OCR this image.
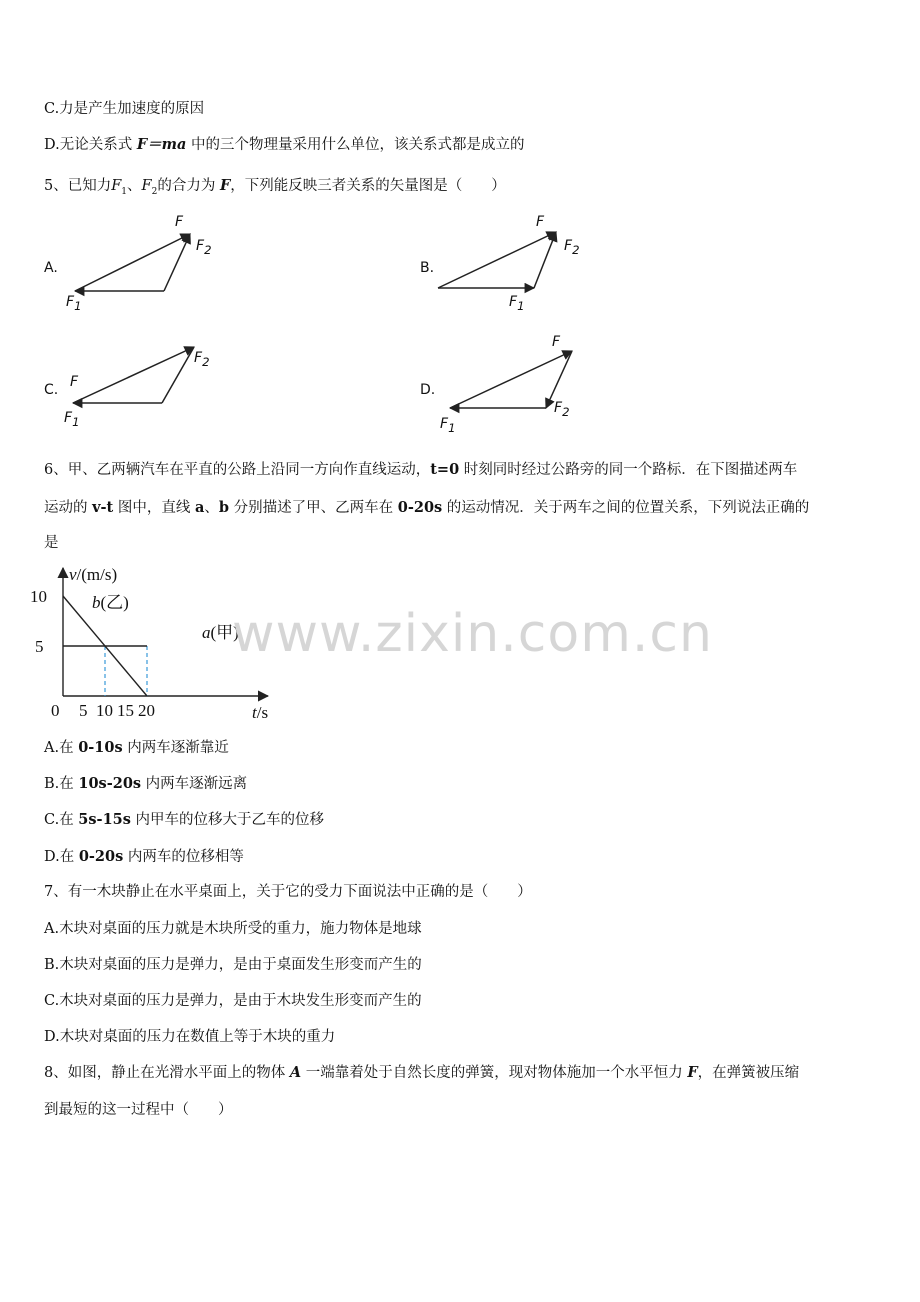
C.力是产生加速度的原因
D.无论关系式 F＝ma 中的三个物理量采用什么单位，该关系式都是成立的
5、已知力$F_1$、$F_2$的合力为 F，下列能反映三者关系的矢量图是（　　）
A.
F
$F_2$
$F_1$
B.
F
$F_2$
$F_1$
C. F
$F_2$
$F_1$
D.
F
$F_2$
$F_1$
6、甲、乙两辆汽车在平直的公路上沿同一方向作直线运动，t=0 时刻同时经过公路旁的同一个路标．在下图描述两车
运动的 v-t 图中，直线 a、b 分别描述了甲、乙两车在 0-20s 的运动情况．关于两车之间的位置关系，下列说法正确的
是
0 5 10 15 20
5
10
v/(m/s)
t/s
a(甲)
b(乙)
www.zixin.com.cn
A.在 0-10s 内两车逐渐靠近
B.在 10s-20s 内两车逐渐远离
C.在 5s-15s 内甲车的位移大于乙车的位移
D.在 0-20s 内两车的位移相等
7、有一木块静止在水平桌面上，关于它的受力下面说法中正确的是（　　）
A.木块对桌面的压力就是木块所受的重力，施力物体是地球
B.木块对桌面的压力是弹力，是由于桌面发生形变而产生的
C.木块对桌面的压力是弹力，是由于木块发生形变而产生的
D.木块对桌面的压力在数值上等于木块的重力
8、如图，静止在光滑水平面上的物体 A 一端靠着处于自然长度的弹簧，现对物体施加一个水平恒力 F，在弹簧被压缩
到最短的这一过程中（　　）
